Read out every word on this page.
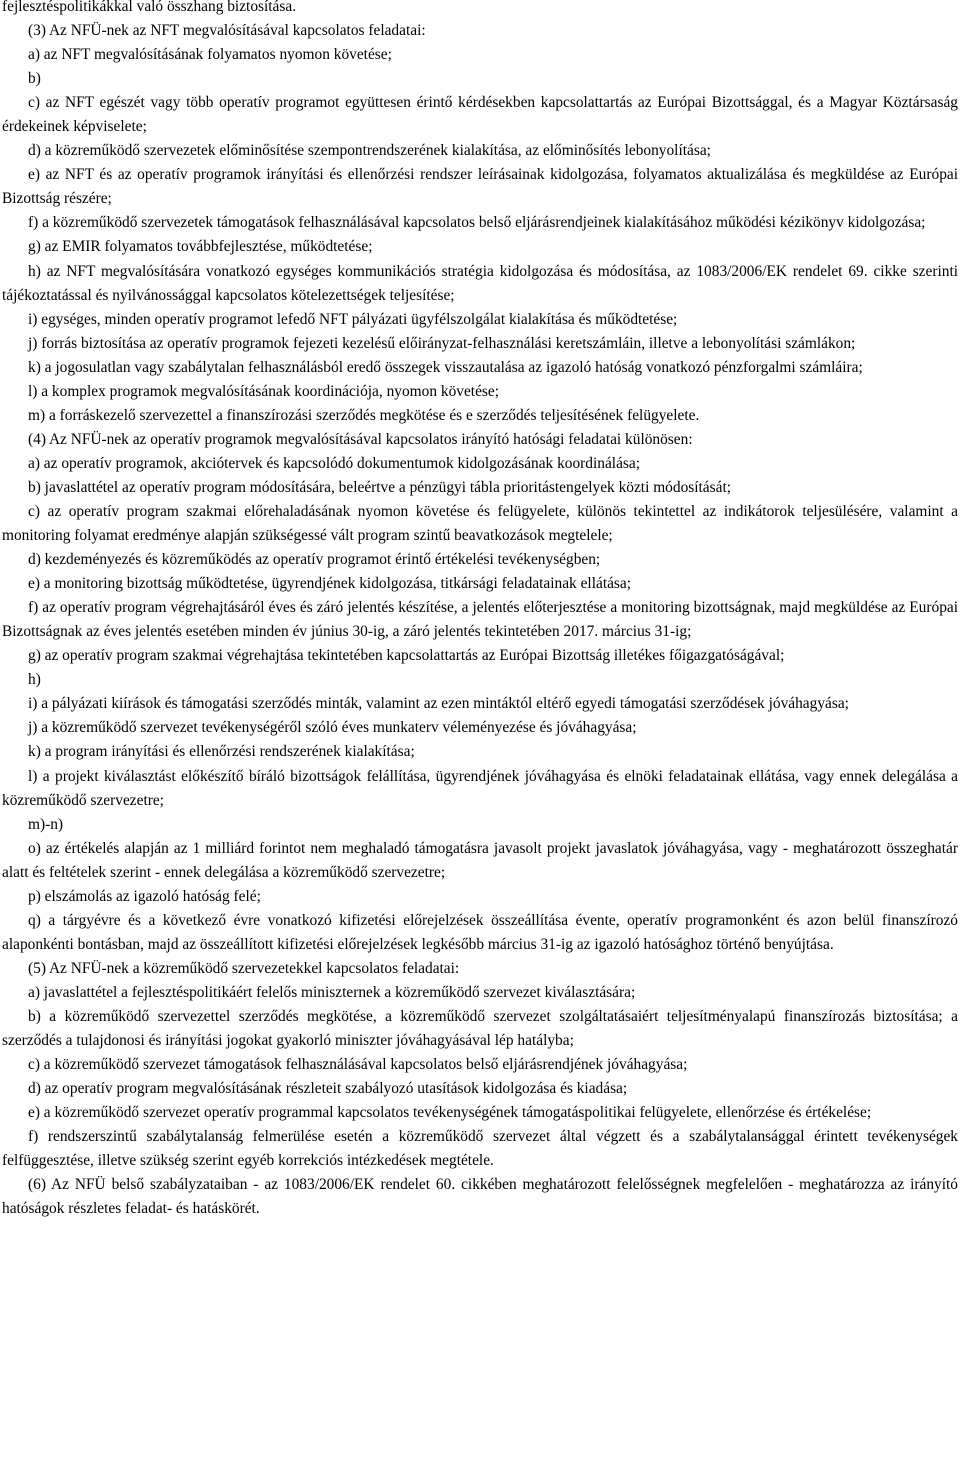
fejlesztéspolitikákkal való összhang biztosítása.

(3) Az NFÜ-nek az NFT megvalósításával kapcsolatos feladatai:

a) az NFT megvalósításának folyamatos nyomon követése;

b)

c) az NFT egészét vagy több operatív programot együttesen érintő kérdésekben kapcsolattartás az Európai Bizottsággal, és a Magyar Köztársaság érdekeinek képviselete;

d) a közreműködő szervezetek előminősítése szempontrendszerének kialakítása, az előminősítés lebonyolítása;

e) az NFT és az operatív programok irányítási és ellenőrzési rendszer leírásainak kidolgozása, folyamatos aktualizálása és megküldése az Európai Bizottság részére;

f) a közreműködő szervezetek támogatások felhasználásával kapcsolatos belső eljárásrendjeinek kialakításához működési kézikönyv kidolgozása;

g) az EMIR folyamatos továbbfejlesztése, működtetése;

h) az NFT megvalósítására vonatkozó egységes kommunikációs stratégia kidolgozása és módosítása, az 1083/2006/EK rendelet 69. cikke szerinti tájékoztatással és nyilvánossággal kapcsolatos kötelezettségek teljesítése;

i) egységes, minden operatív programot lefedő NFT pályázati ügyfélszolgálat kialakítása és működtetése;

j) forrás biztosítása az operatív programok fejezeti kezelésű előirányzat-felhasználási keretszámláin, illetve a lebonyolítási számlákon;

k) a jogosulatlan vagy szabálytalan felhasználásból eredő összegek visszautalása az igazoló hatóság vonatkozó pénzforgalmi számláira;

l) a komplex programok megvalósításának koordinációja, nyomon követése;

m) a forráskezelő szervezettel a finanszírozási szerződés megkötése és e szerződés teljesítésének felügyelete.

(4) Az NFÜ-nek az operatív programok megvalósításával kapcsolatos irányító hatósági feladatai különösen:

a) az operatív programok, akciótervek és kapcsolódó dokumentumok kidolgozásának koordinálása;

b) javaslattétel az operatív program módosítására, beleértve a pénzügyi tábla prioritástengelyek közti módosítását;

c) az operatív program szakmai előrehaladásának nyomon követése és felügyelete, különös tekintettel az indikátorok teljesülésére, valamint a monitoring folyamat eredménye alapján szükségessé vált program szintű beavatkozások megtelele;

d) kezdeményezés és közreműködés az operatív programot érintő értékelési tevékenységben;

e) a monitoring bizottság működtetése, ügyrendjének kidolgozása, titkársági feladatainak ellátása;

f) az operatív program végrehajtásáról éves és záró jelentés készítése, a jelentés előterjesztése a monitoring bizottságnak, majd megküldése az Európai Bizottságnak az éves jelentés esetében minden év június 30-ig, a záró jelentés tekintetében 2017. március 31-ig;

g) az operatív program szakmai végrehajtása tekintetében kapcsolattartás az Európai Bizottság illetékes főigazgatóságával;

h)

i) a pályázati kiírások és támogatási szerződés minták, valamint az ezen mintáktól eltérő egyedi támogatási szerződések jóváhagyása;

j) a közreműködő szervezet tevékenységéről szóló éves munkaterv véleményezése és jóváhagyása;

k) a program irányítási és ellenőrzési rendszerének kialakítása;

l) a projekt kiválasztást előkészítő bíráló bizottságok felállítása, ügyrendjének jóváhagyása és elnöki feladatainak ellátása, vagy ennek delegálása a közreműködő szervezetre;

m)-n)

o) az értékelés alapján az 1 milliárd forintot nem meghaladó támogatásra javasolt projekt javaslatok jóváhagyása, vagy - meghatározott összeghatár alatt és feltételek szerint - ennek delegálása a közreműködő szervezetre;

p) elszámolás az igazoló hatóság felé;

q) a tárgyévre és a következő évre vonatkozó kifizetési előrejelzések összeállítása évente, operatív programonként és azon belül finanszírozó alaponkénti bontásban, majd az összeállított kifizetési előrejelzések legkésőbb március 31-ig az igazoló hatósághoz történő benyújtása.

(5) Az NFÜ-nek a közreműködő szervezetekkel kapcsolatos feladatai:

a) javaslattétel a fejlesztéspolitikáért felelős miniszternek a közreműködő szervezet kiválasztására;

b) a közreműködő szervezettel szerződés megkötése, a közreműködő szervezet szolgáltatásaiért teljesítményalapú finanszírozás biztosítása; a szerződés a tulajdonosi és irányítási jogokat gyakorló miniszter jóváhagyásával lép hatályba;

c) a közreműködő szervezet támogatások felhasználásával kapcsolatos belső eljárásrendjének jóváhagyása;

d) az operatív program megvalósításának részleteit szabályozó utasítások kidolgozása és kiadása;

e) a közreműködő szervezet operatív programmal kapcsolatos tevékenységének támogatáspolitikai felügyelete, ellenőrzése és értékelése;

f) rendszerszintű szabálytalanság felmerülése esetén a közreműködő szervezet által végzett és a szabálytalansággal érintett tevékenységek felfüggesztése, illetve szükség szerint egyéb korrekciós intézkedések megtétele.

(6) Az NFÜ belső szabályzataiban - az 1083/2006/EK rendelet 60. cikkében meghatározott felelősségnek megfelelően - meghatározza az irányító hatóságok részletes feladat- és hatáskörét.
